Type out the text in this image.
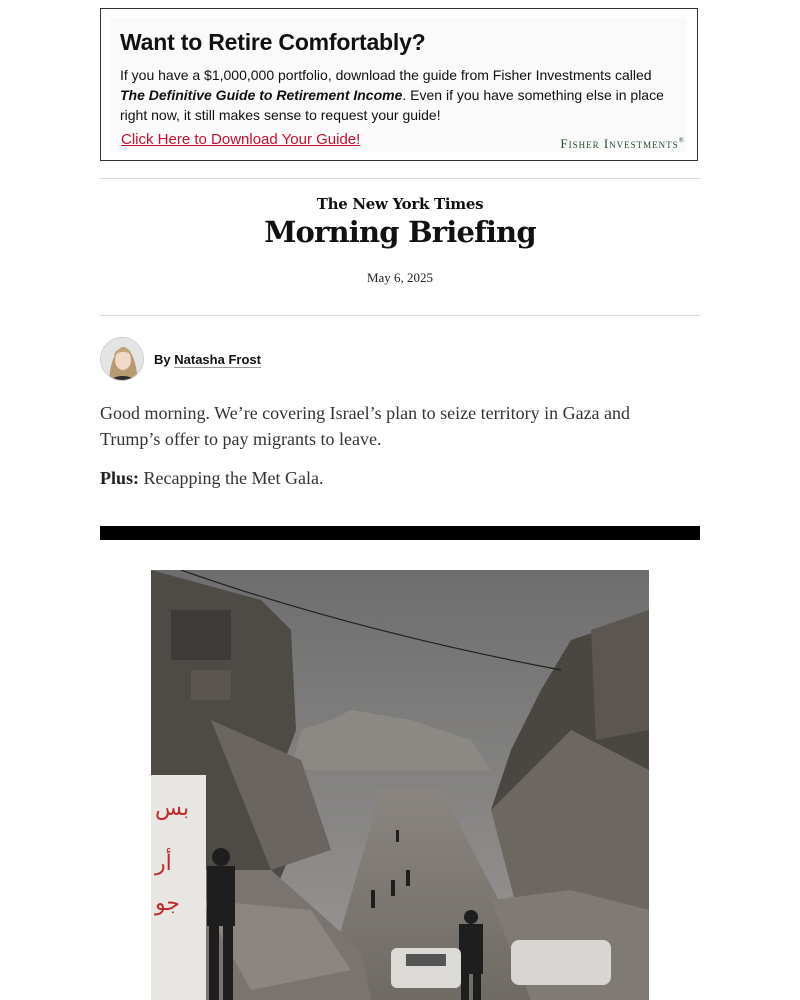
Want to Retire Comfortably?
If you have a $1,000,000 portfolio, download the guide from Fisher Investments called The Definitive Guide to Retirement Income. Even if you have something else in place right now, it still makes sense to request your guide!
Click Here to Download Your Guide!	Fisher Investments®
The New York Times
Morning Briefing
May 6, 2025
By Natasha Frost
Good morning. We’re covering Israel’s plan to seize territory in Gaza and Trump’s offer to pay migrants to leave.
Plus: Recapping the Met Gala.
بس
أر
جو
